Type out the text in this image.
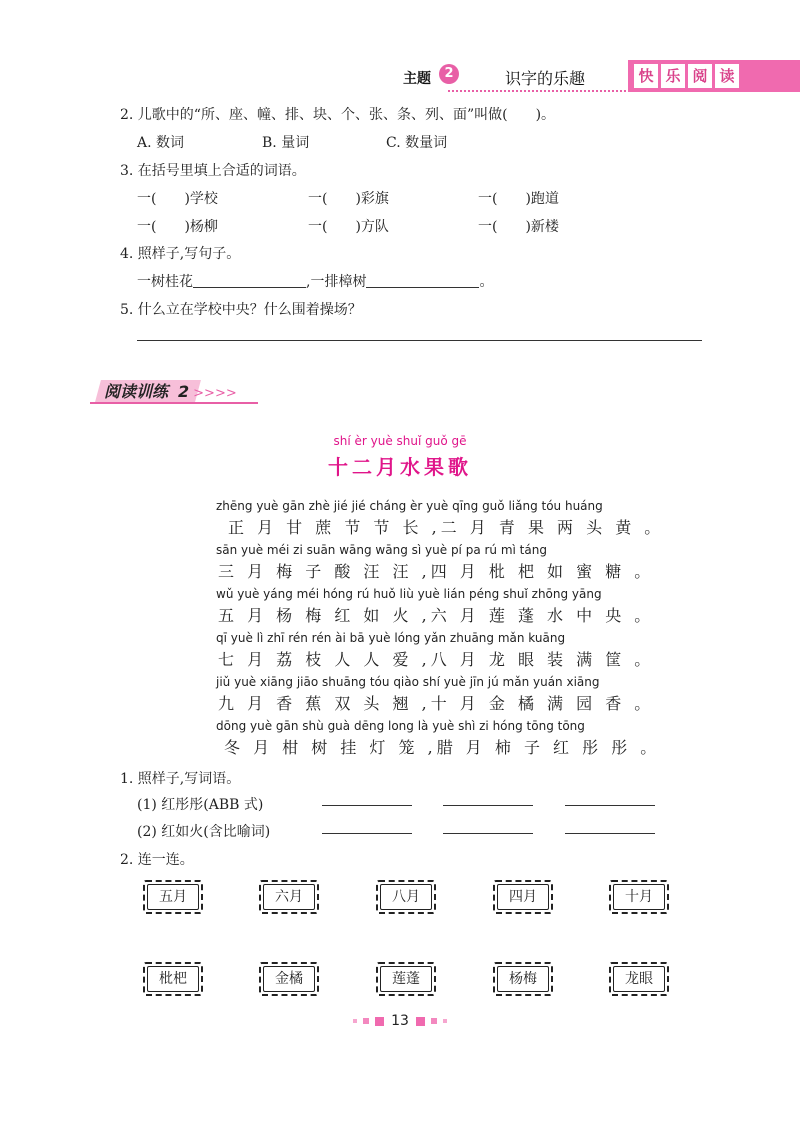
主题	2	识字的乐趣	快 乐 阅 读
2. 儿歌中的“所、座、幢、排、块、个、张、条、列、面”叫做(　　)。
A. 数词	B. 量词	C. 数量词
3. 在括号里填上合适的词语。
一(　　)学校	一(　　)彩旗	一(　　)跑道
一(　　)杨柳	一(　　)方队	一(　　)新楼
4. 照样子,写句子。
一树桂花	,一排樟树	。
5. 什么立在学校中央？什么围着操场？
阅读训练 2 >>>>
shí èr yuè shuǐ guǒ gē
十二月水果歌
zhēng yuè gān zhè jié jié cháng èr yuè qīng guǒ liǎng tóu huáng
正 月 甘 蔗 节 节 长 ,二 月 青 果 两 头 黄 。
sān yuè méi zi suān wāng wāng sì yuè pí pa rú mì táng
三 月 梅 子 酸 汪 汪 ,四 月 枇 杷 如 蜜 糖 。
wǔ yuè yáng méi hóng rú huǒ liù yuè lián péng shuǐ zhōng yāng
五 月 杨 梅 红 如 火 ,六 月 莲 蓬 水 中 央 。
qī yuè lì zhī rén rén ài bā yuè lóng yǎn zhuāng mǎn kuāng
七 月 荔 枝 人 人 爱 ,八 月 龙 眼 装 满 筐 。
jiǔ yuè xiāng jiāo shuāng tóu qiào shí yuè jīn jú mǎn yuán xiāng
九 月 香 蕉 双 头 翘 ,十 月 金 橘 满 园 香 。
dōng yuè gān shù guà dēng long là yuè shì zi hóng tōng tōng
冬 月 柑 树 挂 灯 笼 ,腊 月 柿 子 红 彤 彤 。
1. 照样子,写词语。
(1) 红彤彤(ABB 式)
(2) 红如火(含比喻词)
2. 连一连。
五月	六月	八月	四月	十月
枇杷	金橘	莲蓬	杨梅	龙眼
13
